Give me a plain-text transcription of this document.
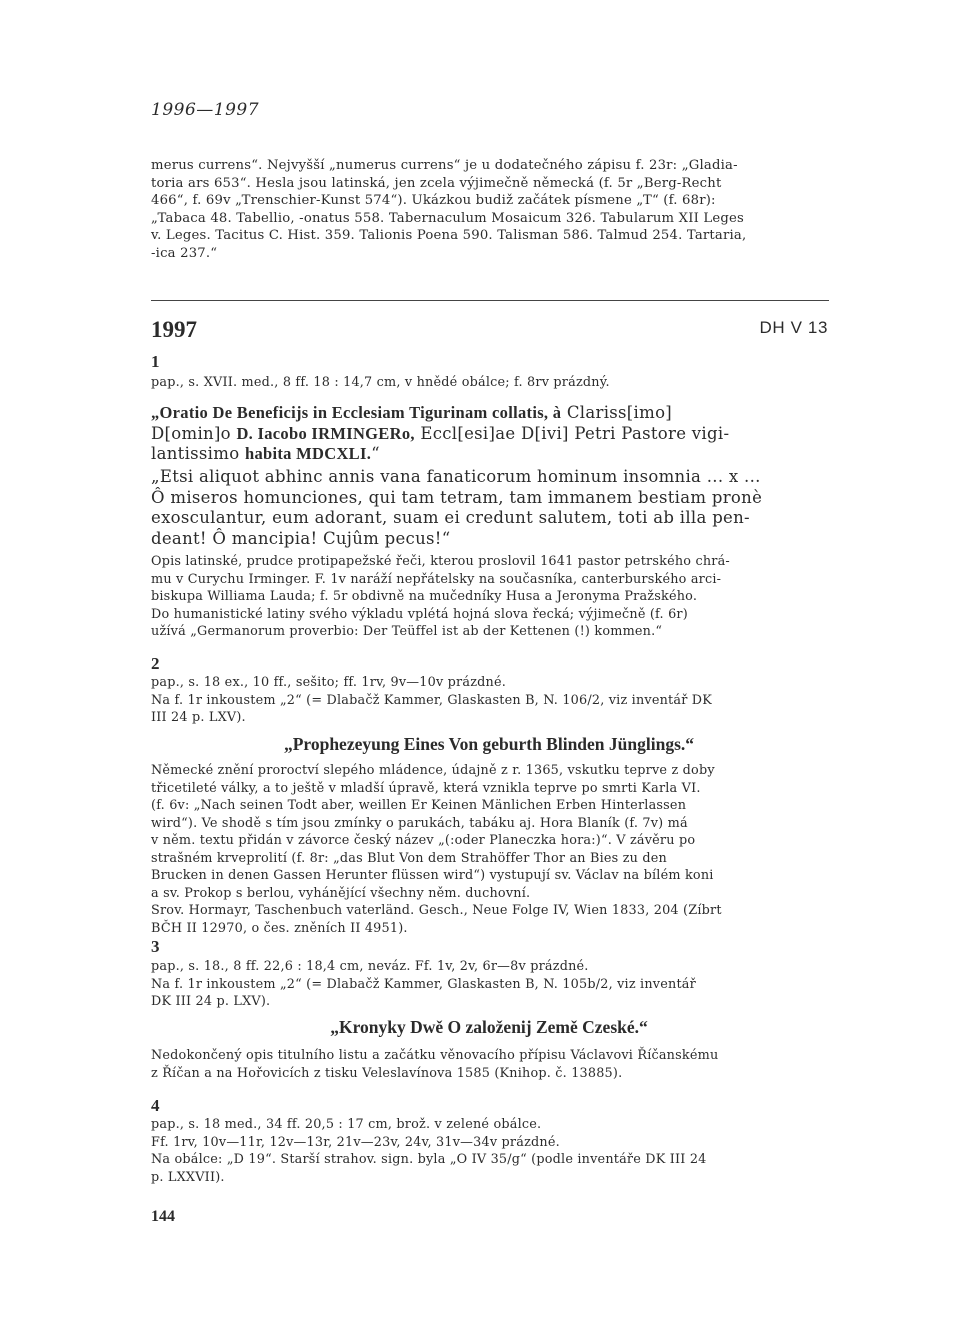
1996—1997
merus currens“. Nejvyšší „numerus currens“ je u dodatečného zápisu f. 23r: „Gladia-
toria ars 653“. Hesla jsou latinská, jen zcela výjimečně německá (f. 5r „Berg-Recht
466“, f. 69v „Trenschier-Kunst 574“). Ukázkou budiž začátek písmene „T“ (f. 68r):
„Tabaca 48. Tabellio, -onatus 558. Tabernaculum Mosaicum 326. Tabularum XII Leges
v. Leges. Tacitus C. Hist. 359. Talionis Poena 590. Talisman 586. Talmud 254. Tartaria,
-ica 237.“
1997	DH V 13
1
pap., s. XVII. med., 8 ff. 18 : 14,7 cm, v hnědé obálce; f. 8rv prázdný.
„Oratio De Beneficijs in Ecclesiam Tigurinam collatis, à Clariss[imo]
D[omin]o D. Iacobo IRMINGERo, Eccl[esi]ae D[ivi] Petri Pastore vigi-
lantissimo habita MDCXLI.“
„Etsi aliquot abhinc annis vana fanaticorum hominum insomnia ... x ...
Ô miseros homunciones, qui tam tetram, tam immanem bestiam pronè
exosculantur, eum adorant, suam ei credunt salutem, toti ab illa pen-
deant! Ô mancipia! Cujûm pecus!“
Opis latinské, prudce protipapežské řeči, kterou proslovil 1641 pastor petrského chrá-
mu v Curychu Irminger. F. 1v naráží nepřátelsky na současníka, canterburského arci-
biskupa Williama Lauda; f. 5r obdivně na mučedníky Husa a Jeronyma Pražského.
Do humanistické latiny svého výkladu vplétá hojná slova řecká; výjimečně (f. 6r)
užívá „Germanorum proverbio: Der Teüffel ist ab der Kettenen (!) kommen.“
2
pap., s. 18 ex., 10 ff., sešito; ff. 1rv, 9v—10v prázdné.
Na f. 1r inkoustem „2“ (= Dlabačž Kammer, Glaskasten B, N. 106/2, viz inventář DK
III 24 p. LXV).
„Prophezeyung Eines Von geburth Blinden Jünglings.“
Německé znění proroctví slepého mládence, údajně z r. 1365, vskutku teprve z doby
třicetileté války, a to ještě v mladší úpravě, která vznikla teprve po smrti Karla VI.
(f. 6v: „Nach seinen Todt aber, weillen Er Keinen Mänlichen Erben Hinterlassen
wird“). Ve shodě s tím jsou zmínky o parukách, tabáku aj. Hora Blaník (f. 7v) má
v něm. textu přidán v závorce český název „(:oder Planeczka hora:)“. V závěru po
strašném krveprolití (f. 8r: „das Blut Von dem Strahöffer Thor an Bies zu den
Brucken in denen Gassen Herunter flüssen wird“) vystupují sv. Václav na bílém koni
a sv. Prokop s berlou, vyhánějící všechny něm. duchovní.
Srov. Hormayr, Taschenbuch vaterländ. Gesch., Neue Folge IV, Wien 1833, 204 (Zíbrt
BČH II 12970, o čes. zněních II 4951).
3
pap., s. 18., 8 ff. 22,6 : 18,4 cm, neváz. Ff. 1v, 2v, 6r—8v prázdné.
Na f. 1r inkoustem „2“ (= Dlabačž Kammer, Glaskasten B, N. 105b/2, viz inventář
DK III 24 p. LXV).
„Kronyky Dwě O založenij Země Czeské.“
Nedokončený opis titulního listu a začátku věnovacího přípisu Václavovi Říčanskému
z Říčan a na Hořovicích z tisku Veleslavínova 1585 (Knihop. č. 13885).
4
pap., s. 18 med., 34 ff. 20,5 : 17 cm, brož. v zelené obálce.
Ff. 1rv, 10v—11r, 12v—13r, 21v—23v, 24v, 31v—34v prázdné.
Na obálce: „D 19“. Starší strahov. sign. byla „O IV 35/g“ (podle inventáře DK III 24
p. LXXVII).
144
